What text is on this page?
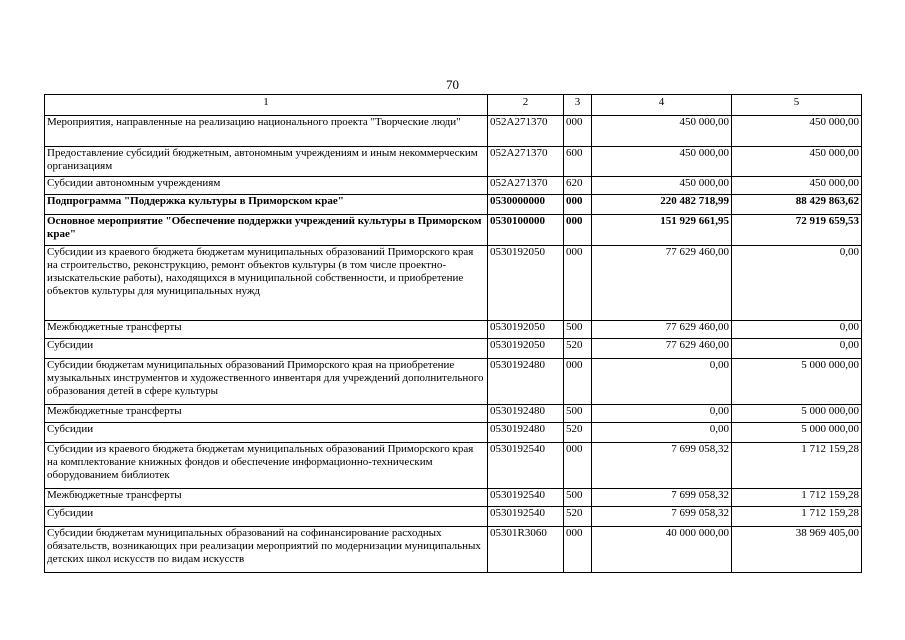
70
1	2	3	4	5
Мероприятия, направленные на реализацию национального проекта "Творческие люди"	052A271370	000	450 000,00	450 000,00
Предоставление субсидий бюджетным, автономным учреждениям и иным некоммерческим организациям	052A271370	600	450 000,00	450 000,00
Субсидии автономным учреждениям	052A271370	620	450 000,00	450 000,00
Подпрограмма "Поддержка культуры в Приморском крае"	0530000000	000	220 482 718,99	88 429 863,62
Основное мероприятие "Обеспечение поддержки учреждений культуры в Приморском крае"	0530100000	000	151 929 661,95	72 919 659,53
Субсидии из краевого бюджета бюджетам муниципальных образований Приморского края на строительство, реконструкцию, ремонт объектов культуры (в том числе проектно-изыскательские работы), находящихся в муниципальной собственности, и приобретение объектов культуры для муниципальных нужд	0530192050	000	77 629 460,00	0,00
Межбюджетные трансферты	0530192050	500	77 629 460,00	0,00
Субсидии	0530192050	520	77 629 460,00	0,00
Субсидии бюджетам муниципальных образований Приморского края на приобретение музыкальных инструментов и художественного инвентаря для учреждений дополнительного образования детей в сфере культуры	0530192480	000	0,00	5 000 000,00
Межбюджетные трансферты	0530192480	500	0,00	5 000 000,00
Субсидии	0530192480	520	0,00	5 000 000,00
Субсидии из краевого бюджета бюджетам муниципальных образований Приморского края на комплектование книжных фондов и обеспечение информационно-техническим оборудованием библиотек	0530192540	000	7 699 058,32	1 712 159,28
Межбюджетные трансферты	0530192540	500	7 699 058,32	1 712 159,28
Субсидии	0530192540	520	7 699 058,32	1 712 159,28
Субсидии бюджетам муниципальных образований на софинансирование расходных обязательств, возникающих при реализации мероприятий по модернизации муниципальных детских школ искусств по видам искусств	05301R3060	000	40 000 000,00	38 969 405,00
